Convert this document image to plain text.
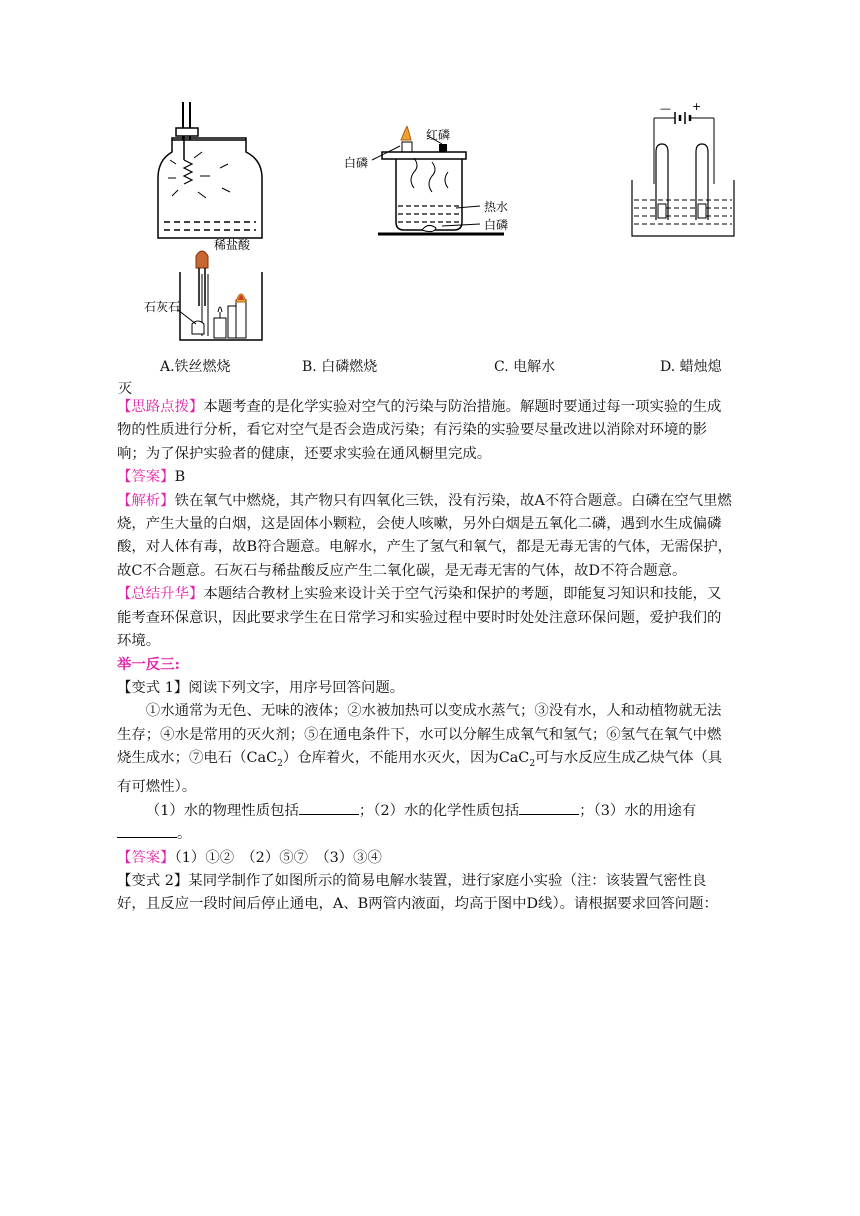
红磷
白磷
热水
白磷
— +
稀盐酸
石灰石
A.铁丝燃烧	B. 白磷燃烧	C. 电解水	D. 蜡烛熄
灭

【思路点拨】本题考查的是化学实验对空气的污染与防治措施。解题时要通过每一项实验的生成物的性质进行分析，看它对空气是否会造成污染；有污染的实验要尽量改进以消除对环境的影响；为了保护实验者的健康，还要求实验在通风橱里完成。

【答案】B

【解析】铁在氧气中燃烧，其产物只有四氧化三铁，没有污染，故A不符合题意。白磷在空气里燃烧，产生大量的白烟，这是固体小颗粒，会使人咳嗽，另外白烟是五氧化二磷，遇到水生成偏磷酸，对人体有毒，故B符合题意。电解水，产生了氢气和氧气，都是无毒无害的气体，无需保护，故C不合题意。石灰石与稀盐酸反应产生二氧化碳，是无毒无害的气体，故D不符合题意。

【总结升华】本题结合教材上实验来设计关于空气污染和保护的考题，即能复习知识和技能，又能考查环保意识，因此要求学生在日常学习和实验过程中要时时处处注意环保问题，爱护我们的环境。

举一反三:

【变式 1】阅读下列文字，用序号回答问题。

①水通常为无色、无味的液体；②水被加热可以变成水蒸气；③没有水，人和动植物就无法生存；④水是常用的灭火剂；⑤在通电条件下，水可以分解生成氧气和氢气；⑥氢气在氧气中燃烧生成水；⑦电石（CaC$_2$）仓库着火，不能用水灭火，因为CaC$_2$可与水反应生成乙炔气体（具有可燃性）。

（1）水的物理性质包括	；（2）水的化学性质包括	；（3）水的用途有。

【答案】（1）①②　（2）⑤⑦　（3）③④

【变式 2】某同学制作了如图所示的简易电解水装置，进行家庭小实验（注：该装置气密性良好，且反应一段时间后停止通电，A、B两管内液面，均高于图中D线）。请根据要求回答问题：
